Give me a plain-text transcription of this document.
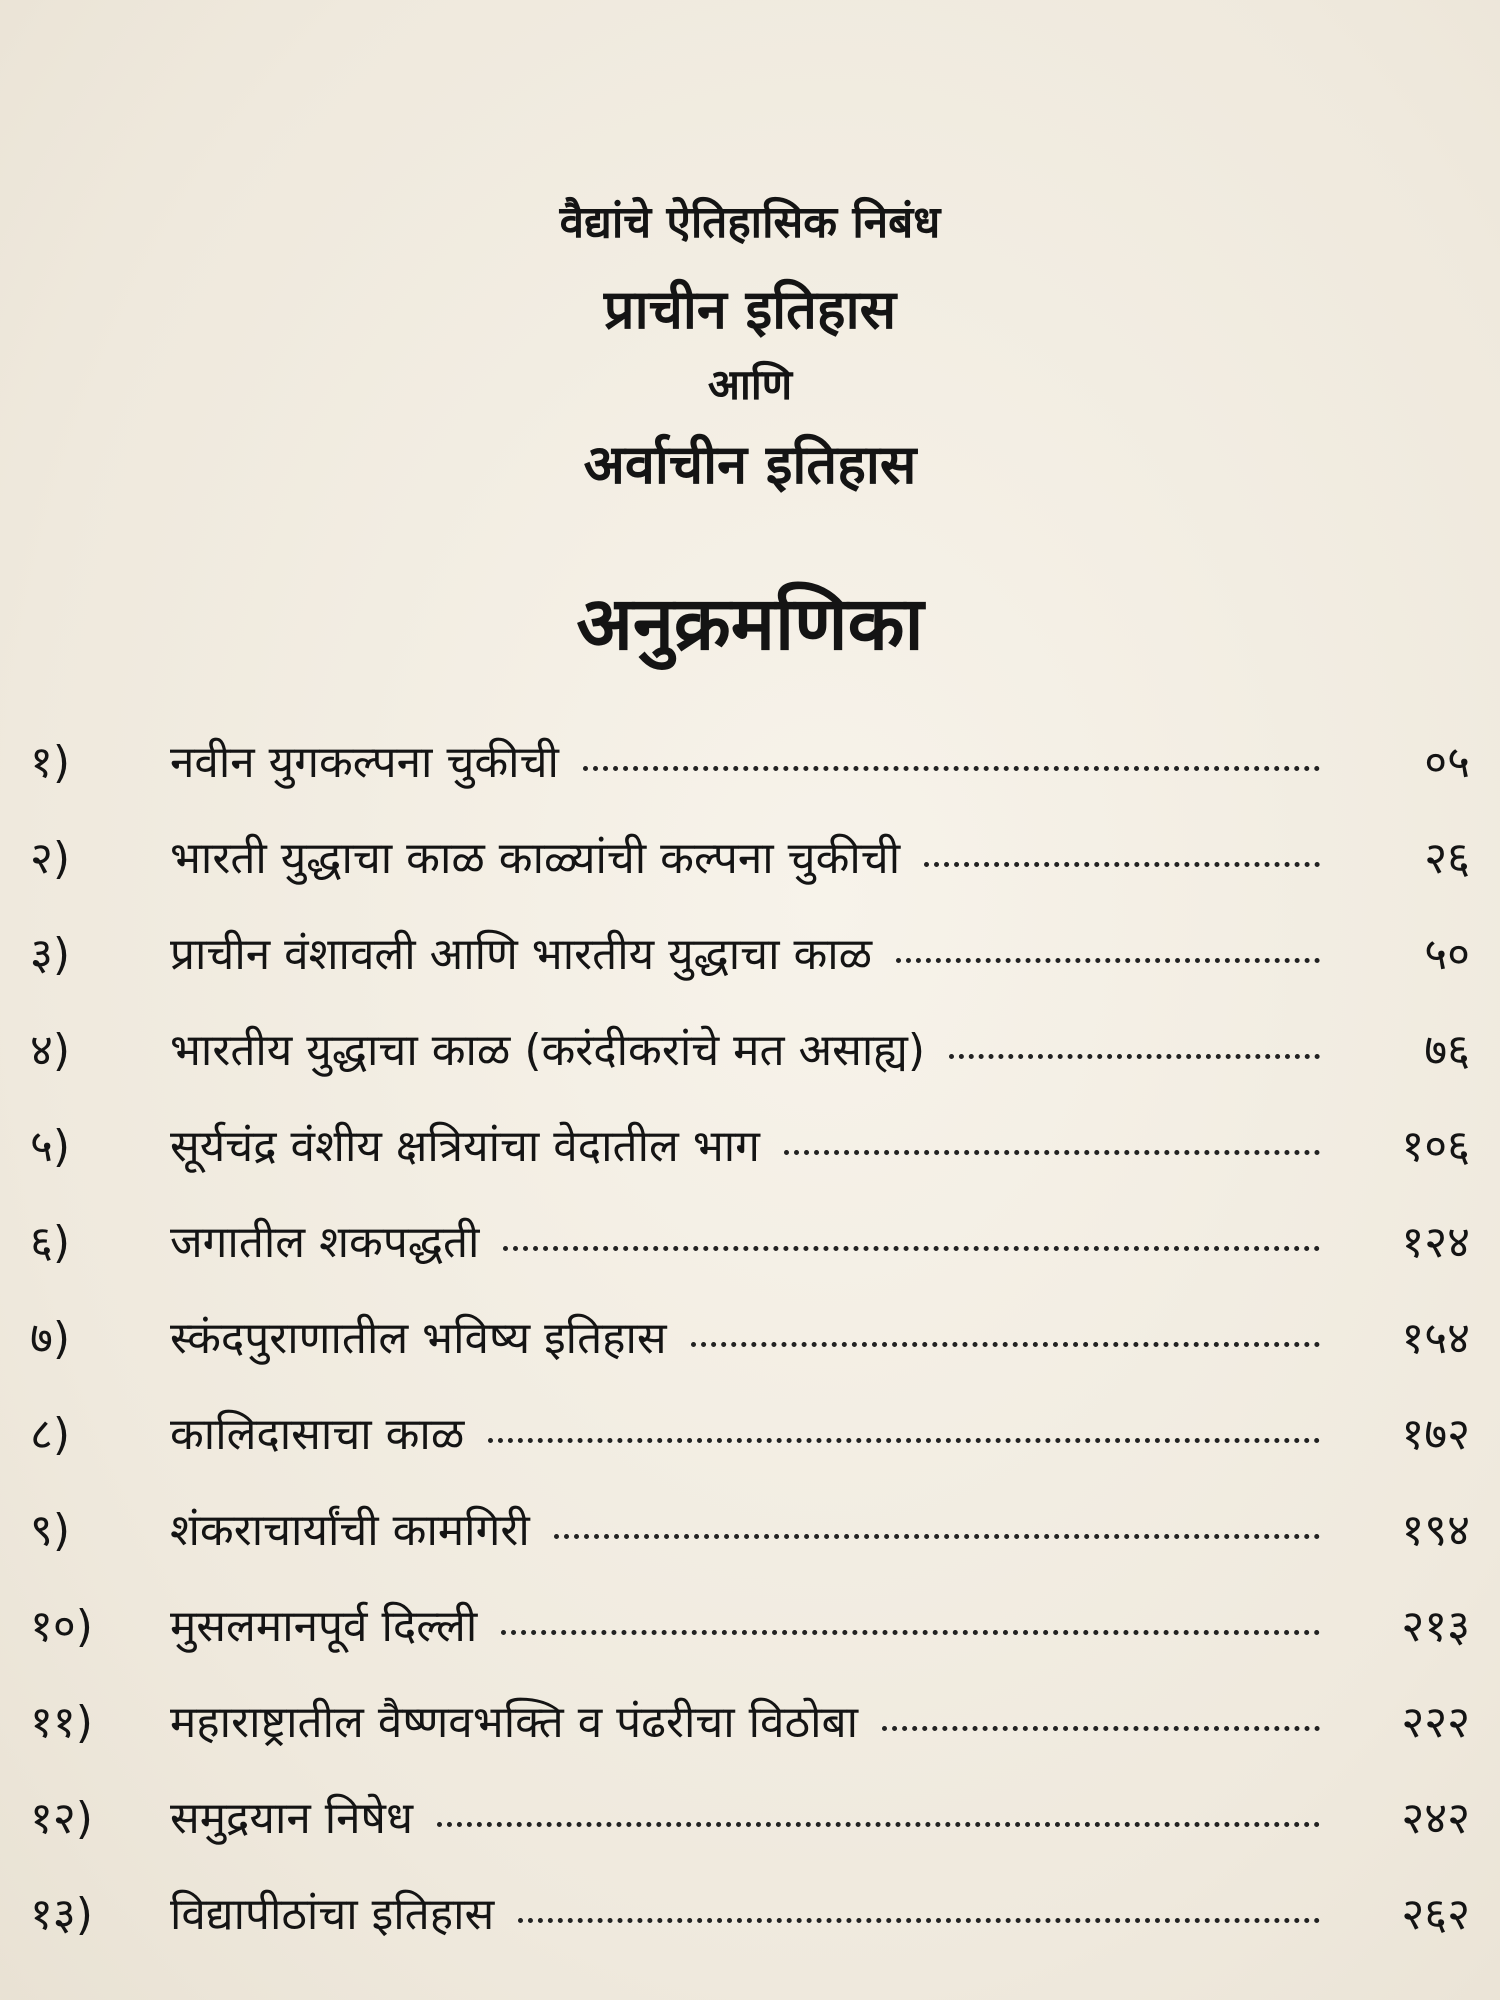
वैद्यांचे ऐतिहासिक निबंध
प्राचीन इतिहास
आणि
अर्वाचीन इतिहास
अनुक्रमणिका
१)	नवीन युगकल्पना चुकीची	०५
२)	भारती युद्धाचा काळ काळ्यांची कल्पना चुकीची	२६
३)	प्राचीन वंशावली आणि भारतीय युद्धाचा काळ	५०
४)	भारतीय युद्धाचा काळ (करंदीकरांचे मत असाह्य)	७६
५)	सूर्यचंद्र वंशीय क्षत्रियांचा वेदातील भाग	१०६
६)	जगातील शकपद्धती	१२४
७)	स्कंदपुराणातील भविष्य इतिहास	१५४
८)	कालिदासाचा काळ	१७२
९)	शंकराचार्यांची कामगिरी	१९४
१०)	मुसलमानपूर्व दिल्ली	२१३
११)	महाराष्ट्रातील वैष्णवभक्ति व पंढरीचा विठोबा	२२२
१२)	समुद्रयान निषेध	२४२
१३)	विद्यापीठांचा इतिहास	२६२
